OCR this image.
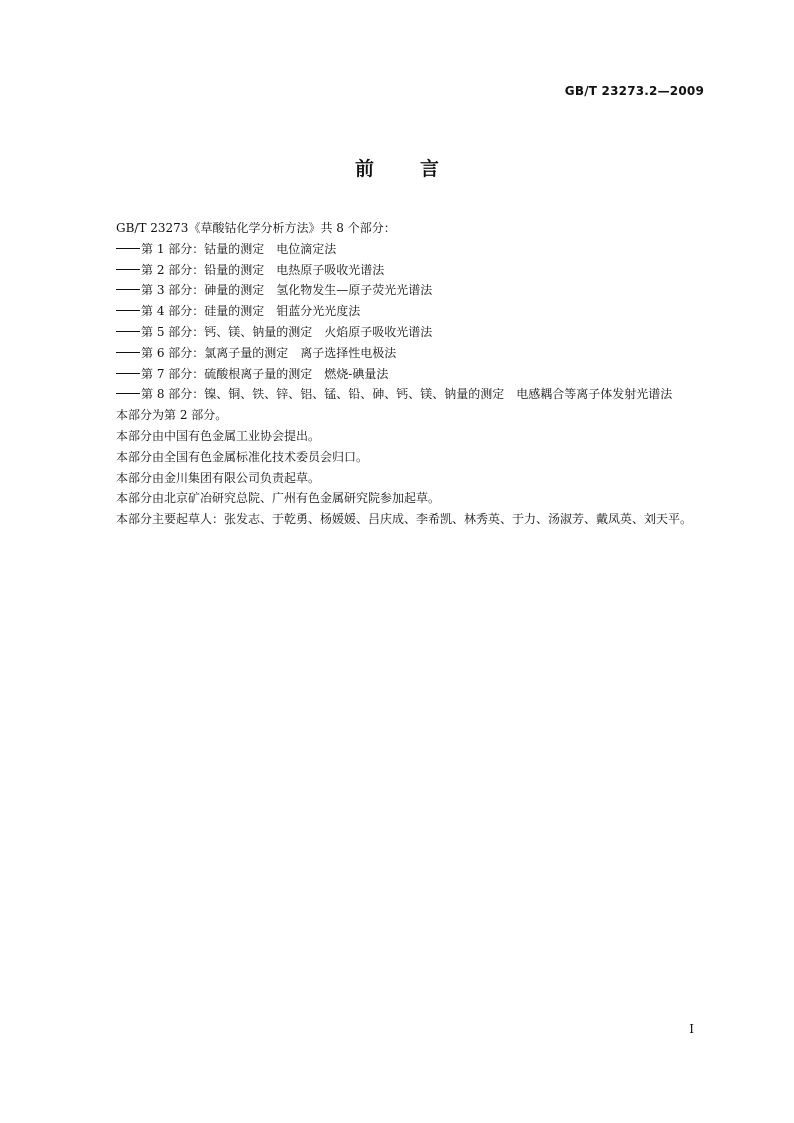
GB/T 23273.2—2009
前言

GB/T 23273《草酸钴化学分析方法》共 8 个部分：

第 1 部分：钴量的测定 电位滴定法

第 2 部分：铅量的测定 电热原子吸收光谱法

第 3 部分：砷量的测定 氢化物发生—原子荧光光谱法

第 4 部分：硅量的测定 钼蓝分光光度法

第 5 部分：钙、镁、钠量的测定 火焰原子吸收光谱法

第 6 部分：氯离子量的测定 离子选择性电极法

第 7 部分：硫酸根离子量的测定 燃烧-碘量法

第 8 部分：镍、铜、铁、锌、铝、锰、铅、砷、钙、镁、钠量的测定 电感耦合等离子体发射光谱法

本部分为第 2 部分。

本部分由中国有色金属工业协会提出。

本部分由全国有色金属标准化技术委员会归口。

本部分由金川集团有限公司负责起草。

本部分由北京矿冶研究总院、广州有色金属研究院参加起草。

本部分主要起草人：张发志、于乾勇、杨媛媛、吕庆成、李希凯、林秀英、于力、汤淑芳、戴凤英、刘天平。

I
